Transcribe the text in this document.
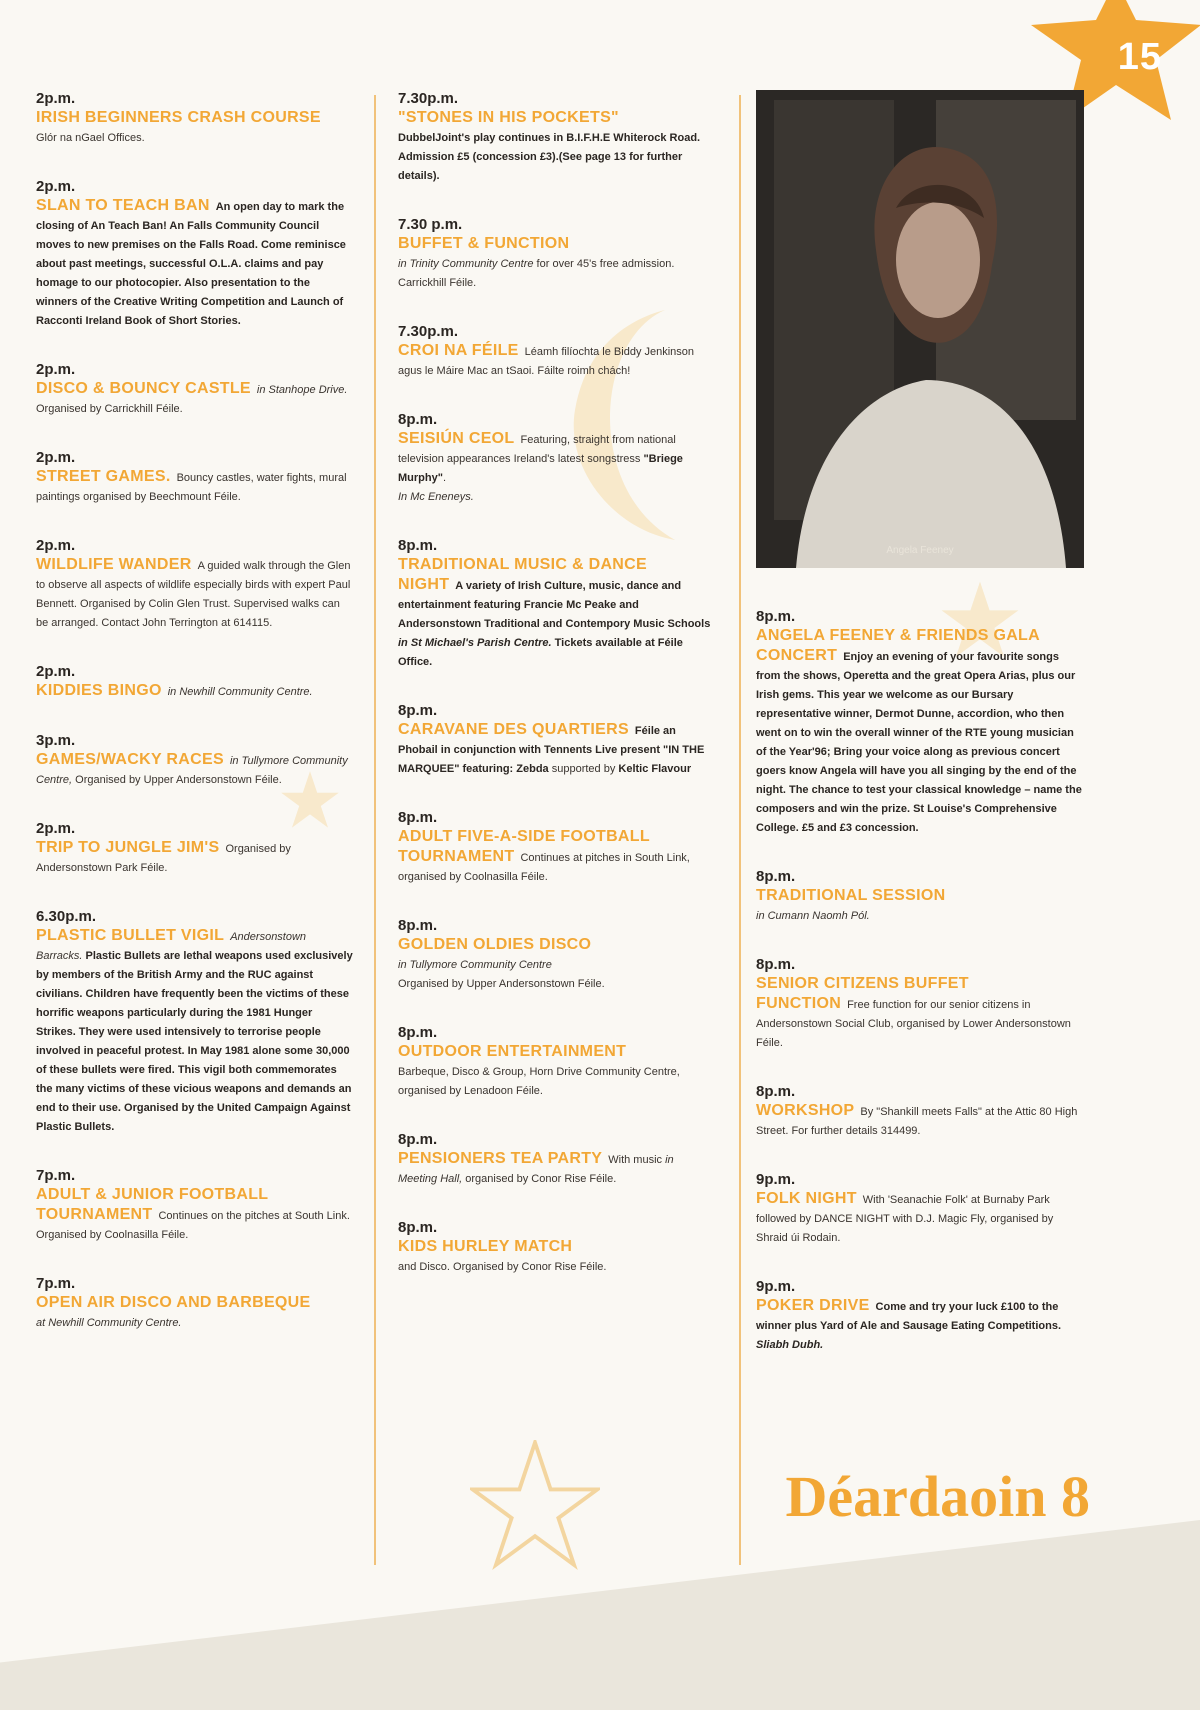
15
2p.m.

IRISH BEGINNERS CRASH COURSE
Glór na nGael Offices.

2p.m.

SLAN TO TEACH BAN An open day to mark the closing of An Teach Ban! An Falls Community Council moves to new premises on the Falls Road. Come reminisce about past meetings, successful O.L.A. claims and pay homage to our photocopier. Also presentation to the winners of the Creative Writing Competition and Launch of Racconti Ireland Book of Short Stories.

2p.m.

DISCO & BOUNCY CASTLE in Stanhope Drive. Organised by Carrickhill Féile.

2p.m.

STREET GAMES. Bouncy castles, water fights, mural paintings organised by Beechmount Féile.

2p.m.

WILDLIFE WANDER A guided walk through the Glen to observe all aspects of wildlife especially birds with expert Paul Bennett. Organised by Colin Glen Trust. Supervised walks can be arranged. Contact John Terrington at 614115.

2p.m.

KIDDIES BINGO in Newhill Community Centre.

3p.m.

GAMES/WACKY RACES in Tullymore Community Centre, Organised by Upper Andersonstown Féile.

2p.m.

TRIP TO JUNGLE JIM'S Organised by Andersonstown Park Féile.

6.30p.m.

PLASTIC BULLET VIGIL Andersonstown Barracks. Plastic Bullets are lethal weapons used exclusively by members of the British Army and the RUC against civilians. Children have frequently been the victims of these horrific weapons particularly during the 1981 Hunger Strikes. They were used intensively to terrorise people involved in peaceful protest. In May 1981 alone some 30,000 of these bullets were fired. This vigil both commemorates the many victims of these vicious weapons and demands an end to their use. Organised by the United Campaign Against Plastic Bullets.

7p.m.

ADULT & JUNIOR FOOTBALL TOURNAMENT Continues on the pitches at South Link. Organised by Coolnasilla Féile.

7p.m.

OPEN AIR DISCO AND BARBEQUE
at Newhill Community Centre.

7.30p.m.

"STONES IN HIS POCKETS"
DubbelJoint's play continues in B.I.F.H.E Whiterock Road. Admission £5 (concession £3).(See page 13 for further details).

7.30 p.m.

BUFFET & FUNCTION
in Trinity Community Centre for over 45's free admission. Carrickhill Féile.

7.30p.m.

CROI NA FÉILE Léamh filíochta le Biddy Jenkinson agus le Máire Mac an tSaoi. Fáilte roimh chách!

8p.m.

SEISIÚN CEOL Featuring, straight from national television appearances Ireland's latest songstress "Briege Murphy".
In Mc Eneneys.

8p.m.

TRADITIONAL MUSIC & DANCE NIGHT A variety of Irish Culture, music, dance and entertainment featuring Francie Mc Peake and Andersonstown Traditional and Contempory Music Schools in St Michael's Parish Centre. Tickets available at Féile Office.

8p.m.

CARAVANE DES QUARTIERS Féile an Phobail in conjunction with Tennents Live present "IN THE MARQUEE" featuring: Zebda supported by Keltic Flavour

8p.m.

ADULT FIVE-A-SIDE FOOTBALL TOURNAMENT Continues at pitches in South Link, organised by Coolnasilla Féile.

8p.m.

GOLDEN OLDIES DISCO
in Tullymore Community Centre
Organised by Upper Andersonstown Féile.

8p.m.

OUTDOOR ENTERTAINMENT
Barbeque, Disco & Group, Horn Drive Community Centre, organised by Lenadoon Féile.

8p.m.

PENSIONERS TEA PARTY With music in Meeting Hall, organised by Conor Rise Féile.

8p.m.

KIDS HURLEY MATCH
and Disco. Organised by Conor Rise Féile.

Angela Feeney
8p.m.

ANGELA FEENEY & FRIENDS GALA CONCERT Enjoy an evening of your favourite songs from the shows, Operetta and the great Opera Arias, plus our Irish gems. This year we welcome as our Bursary representative winner, Dermot Dunne, accordion, who then went on to win the overall winner of the RTE young musician of the Year'96; Bring your voice along as previous concert goers know Angela will have you all singing by the end of the night. The chance to test your classical knowledge – name the composers and win the prize. St Louise's Comprehensive College. £5 and £3 concession.

8p.m.

TRADITIONAL SESSION
in Cumann Naomh Pól.

8p.m.

SENIOR CITIZENS BUFFET FUNCTION Free function for our senior citizens in Andersonstown Social Club, organised by Lower Andersonstown Féile.

8p.m.

WORKSHOP By "Shankill meets Falls" at the Attic 80 High Street. For further details 314499.

9p.m.

FOLK NIGHT With 'Seanachie Folk' at Burnaby Park followed by DANCE NIGHT with D.J. Magic Fly, organised by Shraid úi Rodain.

9p.m.

POKER DRIVE Come and try your luck £100 to the winner plus Yard of Ale and Sausage Eating Competitions. Sliabh Dubh.

Déardaoin 8
